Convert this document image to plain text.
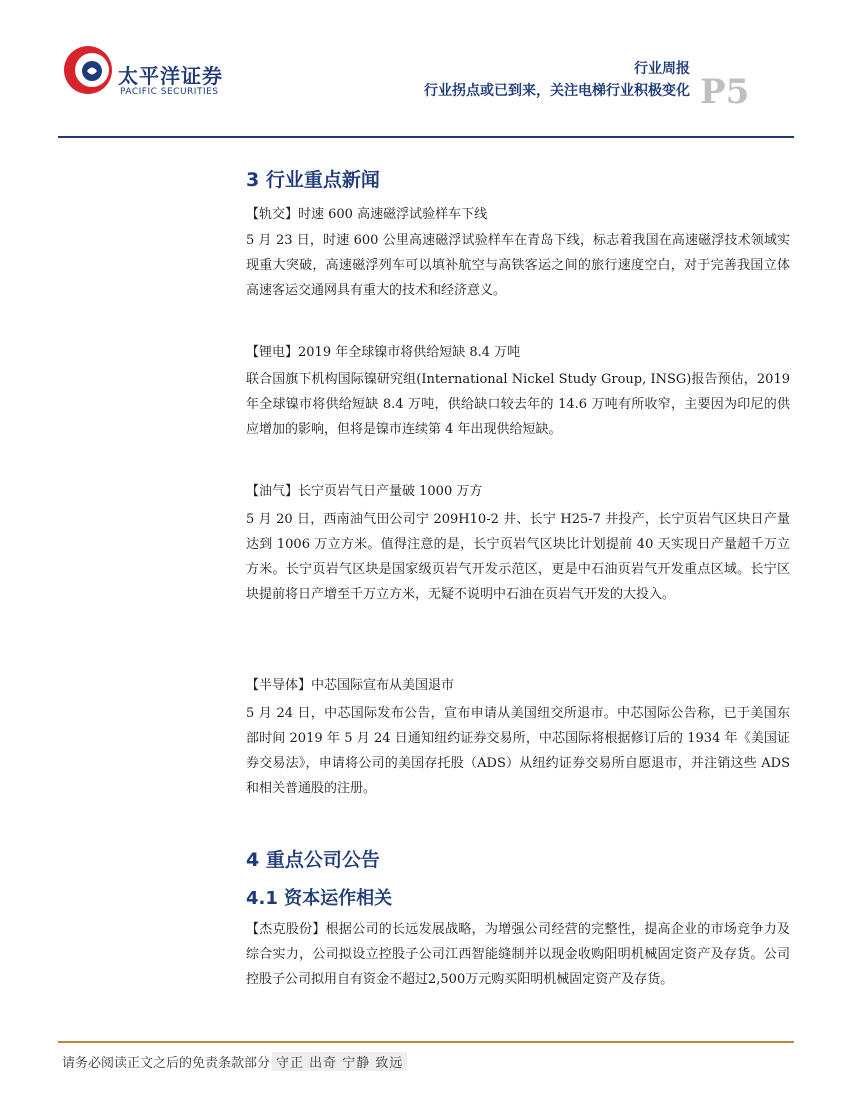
太平洋证券
PACIFIC SECURITIES
行业周报
行业拐点或已到来，关注电梯行业积极变化 P5
3 行业重点新闻
【轨交】时速 600 高速磁浮试验样车下线
5 月 23 日，时速 600 公里高速磁浮试验样车在青岛下线，标志着我国在高速磁浮技术领域实现重大突破，高速磁浮列车可以填补航空与高铁客运之间的旅行速度空白，对于完善我国立体高速客运交通网具有重大的技术和经济意义。
【锂电】2019 年全球镍市将供给短缺 8.4 万吨
联合国旗下机构国际镍研究组(International Nickel Study Group, INSG)报告预估，2019 年全球镍市将供给短缺 8.4 万吨，供给缺口较去年的 14.6 万吨有所收窄，主要因为印尼的供应增加的影响，但将是镍市连续第 4 年出现供给短缺。
【油气】长宁页岩气日产量破 1000 万方
5 月 20 日，西南油气田公司宁 209H10-2 井、长宁 H25-7 井投产，长宁页岩气区块日产量达到 1006 万立方米。值得注意的是，长宁页岩气区块比计划提前 40 天实现日产量超千万立方米。长宁页岩气区块是国家级页岩气开发示范区，更是中石油页岩气开发重点区域。长宁区块提前将日产增至千万立方米，无疑不说明中石油在页岩气开发的大投入。
【半导体】中芯国际宣布从美国退市
5 月 24 日，中芯国际发布公告，宣布申请从美国纽交所退市。中芯国际公告称，已于美国东部时间 2019 年 5 月 24 日通知纽约证券交易所，中芯国际将根据修订后的 1934 年《美国证券交易法》，申请将公司的美国存托股（ADS）从纽约证券交易所自愿退市，并注销这些 ADS 和相关普通股的注册。
4 重点公司公告
4.1 资本运作相关
【杰克股份】根据公司的长远发展战略，为增强公司经营的完整性，提高企业的市场竞争力及综合实力，公司拟设立控股子公司江西智能缝制并以现金收购阳明机械固定资产及存货。公司控股子公司拟用自有资金不超过2,500万元购买阳明机械固定资产及存货。
请务必阅读正文之后的免责条款部分 守正 出奇 宁静 致远
